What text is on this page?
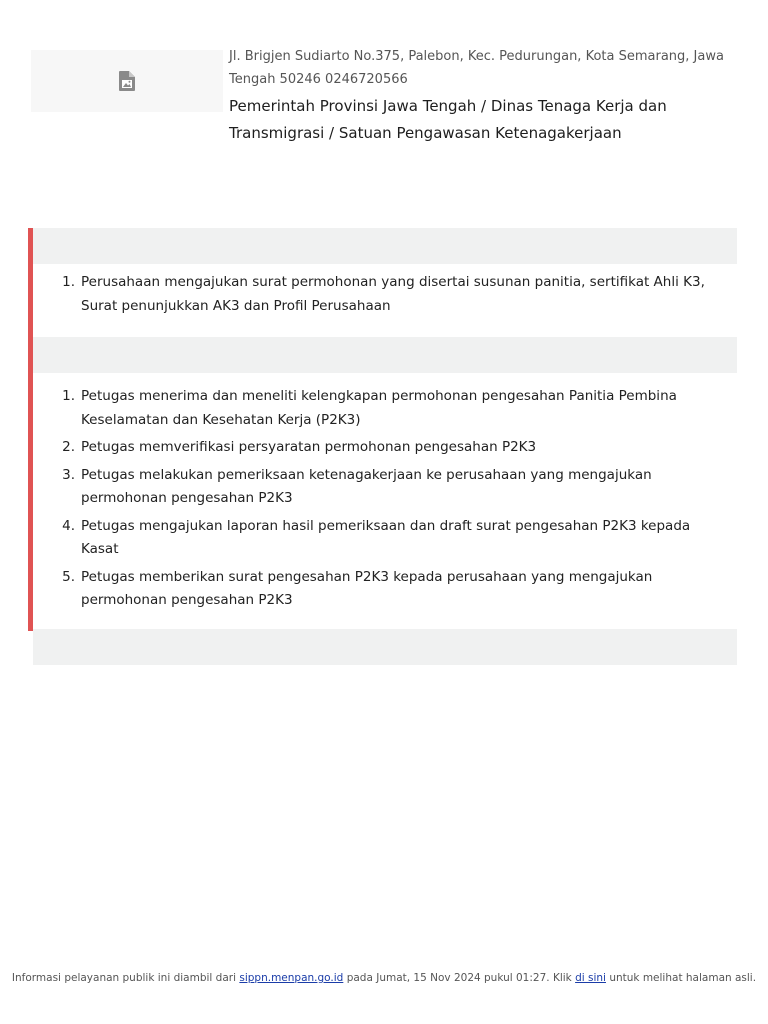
Jl. Brigjen Sudiarto No.375, Palebon, Kec. Pedurungan, Kota Semarang, Jawa Tengah 50246 0246720566
Pemerintah Provinsi Jawa Tengah / Dinas Tenaga Kerja dan Transmigrasi / Satuan Pengawasan Ketenagakerjaan
1. Perusahaan mengajukan surat permohonan yang disertai susunan panitia, sertifikat Ahli K3, Surat penunjukkan AK3 dan Profil Perusahaan
1. Petugas menerima dan meneliti kelengkapan permohonan pengesahan Panitia Pembina Keselamatan dan Kesehatan Kerja (P2K3)
2. Petugas memverifikasi persyaratan permohonan pengesahan P2K3
3. Petugas melakukan pemeriksaan ketenagakerjaan ke perusahaan yang mengajukan permohonan pengesahan P2K3
4. Petugas mengajukan laporan hasil pemeriksaan dan draft surat pengesahan P2K3 kepada Kasat
5. Petugas memberikan surat pengesahan P2K3 kepada perusahaan yang mengajukan permohonan pengesahan P2K3
Informasi pelayanan publik ini diambil dari sippn.menpan.go.id pada Jumat, 15 Nov 2024 pukul 01:27. Klik di sini untuk melihat halaman asli.
